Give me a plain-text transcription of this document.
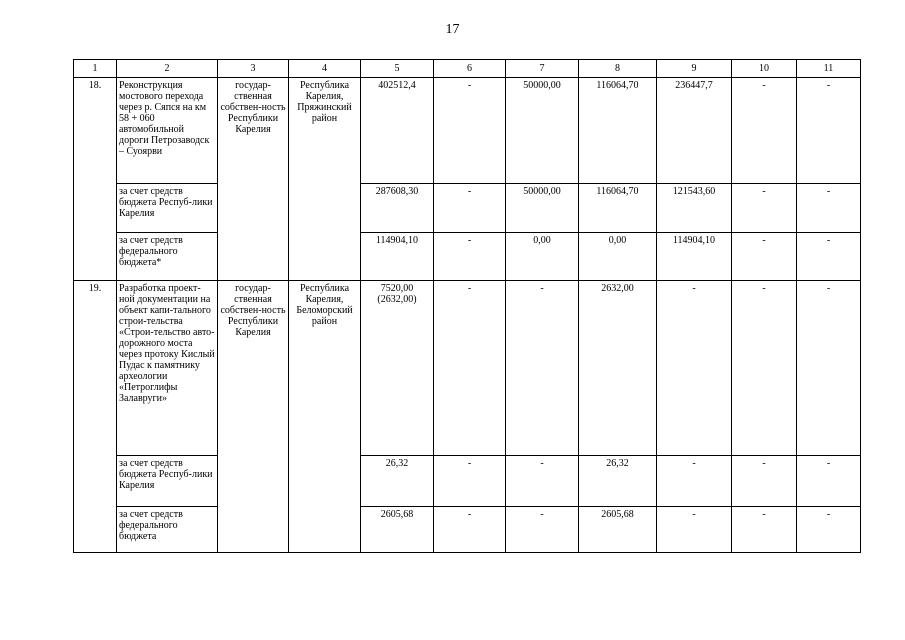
17
1	2	3	4	5	6	7	8	9	10	11
18.	Реконструкция мостового перехода через р. Сяпся на км 58 + 060 автомобильной дороги Петрозаводск – Суоярви	государ-ственная собствен-ность Республики Карелия	Республика Карелия, Пряжинский район	402512,4	-	50000,00	116064,70	236447,7	-	-
	за счет средств бюджета Респуб-лики Карелия			287608,30	-	50000,00	116064,70	121543,60	-	-
	за счет средств федерального бюджета*			114904,10	-	0,00	0,00	114904,10	-	-
19.	Разработка проект-ной документации на объект капи-тального строи-тельства «Строи-тельство авто-дорожного моста через протоку Кислый Пудас к памятнику археологии «Петроглифы Залавруги»	государ-ственная собствен-ность Республики Карелия	Республика Карелия, Беломорский район	7520,00 (2632,00)	-	-	2632,00	-	-	-
	за счет средств бюджета Респуб-лики Карелия			26,32	-	-	26,32	-	-	-
	за счет средств федерального бюджета			2605,68	-	-	2605,68	-	-	-
